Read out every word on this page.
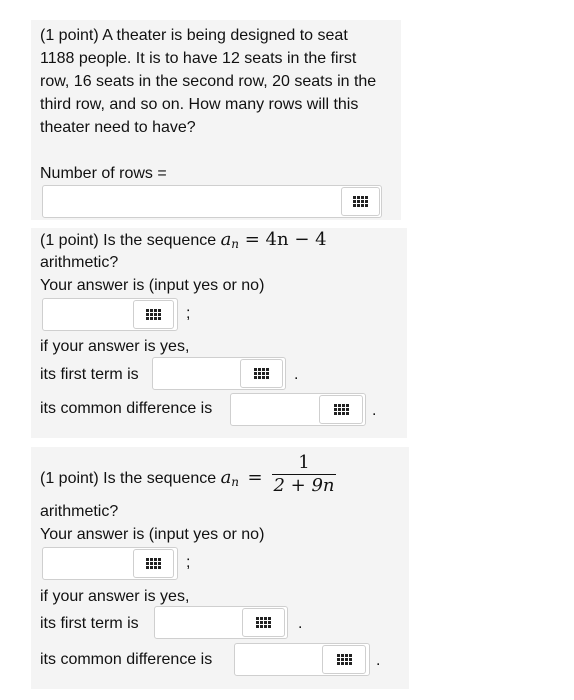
(1 point) A theater is being designed to seat
1188 people. It is to have 12 seats in the first
row, 16 seats in the second row, 20 seats in the
third row, and so on. How many rows will this
theater need to have?
Number of rows =
(1 point) Is the sequence $a_n = 4n - 4$
arithmetic?
Your answer is (input yes or no)
;
if your answer is yes,
its first term is	.
its common difference is	.
(1 point) Is the sequence $a_n$ =
1
2 + 9n
arithmetic?
Your answer is (input yes or no)
;
if your answer is yes,
its first term is	.
its common difference is	.
